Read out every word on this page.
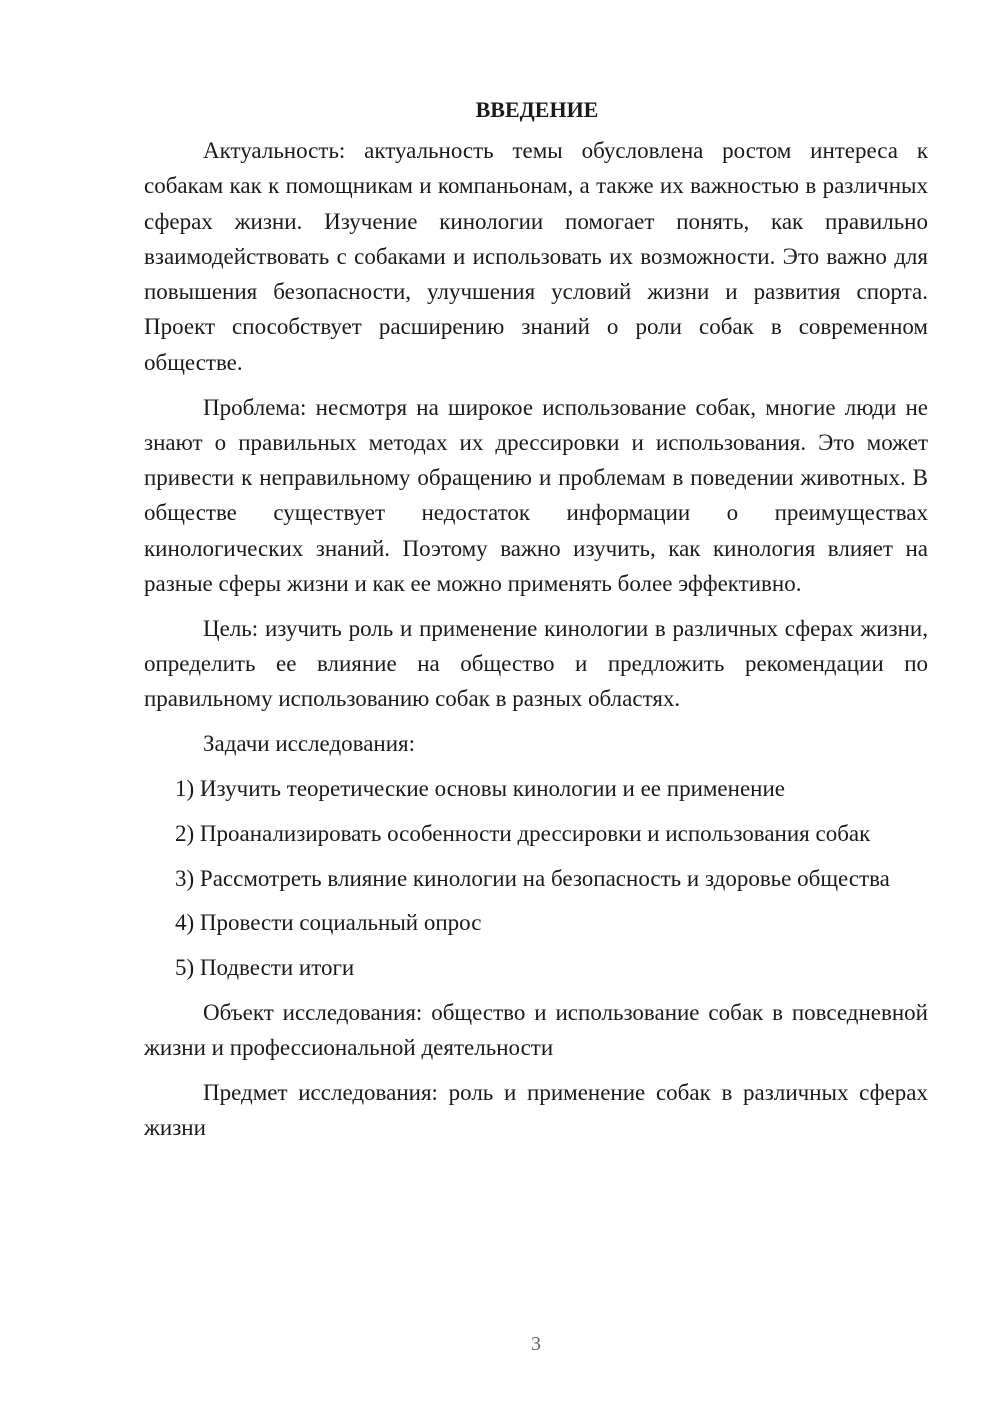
ВВЕДЕНИЕ

Актуальность: актуальность темы обусловлена ростом интереса к собакам как к помощникам и компаньонам, а также их важностью в различных сферах жизни. Изучение кинологии помогает понять, как правильно взаимодействовать с собаками и использовать их возможности. Это важно для повышения безопасности, улучшения условий жизни и развития спорта. Проект способствует расширению знаний о роли собак в современном обществе.

Проблема: несмотря на широкое использование собак, многие люди не знают о правильных методах их дрессировки и использования. Это может привести к неправильному обращению и проблемам в поведении животных. В обществе существует недостаток информации о преимуществах кинологических знаний. Поэтому важно изучить, как кинология влияет на разные сферы жизни и как ее можно применять более эффективно.

Цель: изучить роль и применение кинологии в различных сферах жизни, определить ее влияние на общество и предложить рекомендации по правильному использованию собак в разных областях.

Задачи исследования:

1) Изучить теоретические основы кинологии и ее применение

2) Проанализировать особенности дрессировки и использования собак

3) Рассмотреть влияние кинологии на безопасность и здоровье общества

4) Провести социальный опрос

5) Подвести итоги

Объект исследования: общество и использование собак в повседневной жизни и профессиональной деятельности

Предмет исследования: роль и применение собак в различных сферах жизни

3
